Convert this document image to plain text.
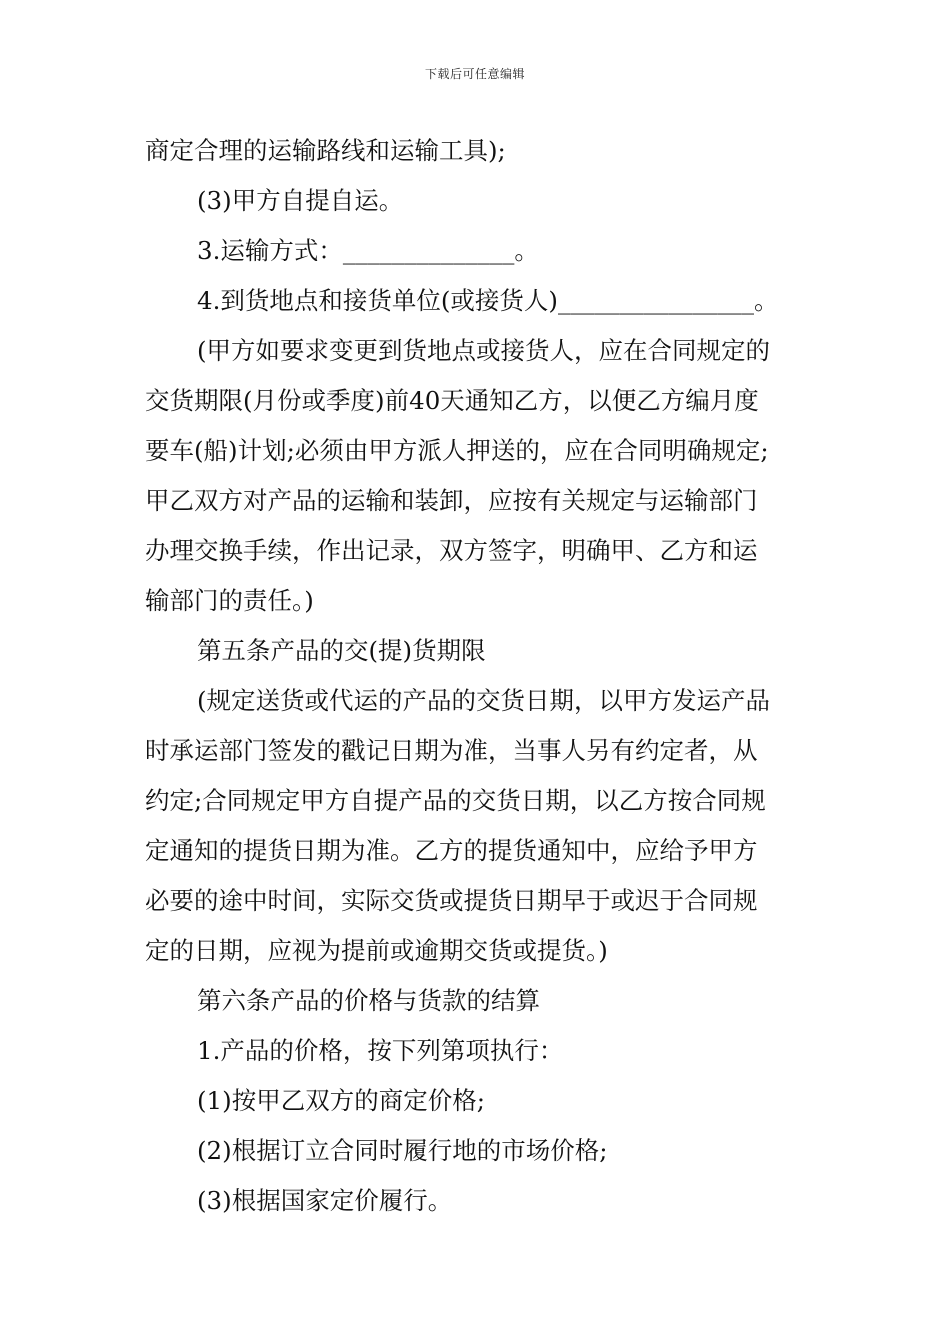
下载后可任意编辑
商定合理的运输路线和运输工具);
(3)甲方自提自运。
3.运输方式：______________。
4.到货地点和接货单位(或接货人)________________。
(甲方如要求变更到货地点或接货人，应在合同规定的
交货期限(月份或季度)前40天通知乙方，以便乙方编月度
要车(船)计划;必须由甲方派人押送的，应在合同明确规定;
甲乙双方对产品的运输和装卸，应按有关规定与运输部门
办理交换手续，作出记录，双方签字，明确甲、乙方和运
输部门的责任。)
第五条产品的交(提)货期限
(规定送货或代运的产品的交货日期，以甲方发运产品
时承运部门签发的戳记日期为准，当事人另有约定者，从
约定;合同规定甲方自提产品的交货日期，以乙方按合同规
定通知的提货日期为准。乙方的提货通知中，应给予甲方
必要的途中时间，实际交货或提货日期早于或迟于合同规
定的日期，应视为提前或逾期交货或提货。)
第六条产品的价格与货款的结算
1.产品的价格，按下列第项执行：
(1)按甲乙双方的商定价格;
(2)根据订立合同时履行地的市场价格;
(3)根据国家定价履行。
